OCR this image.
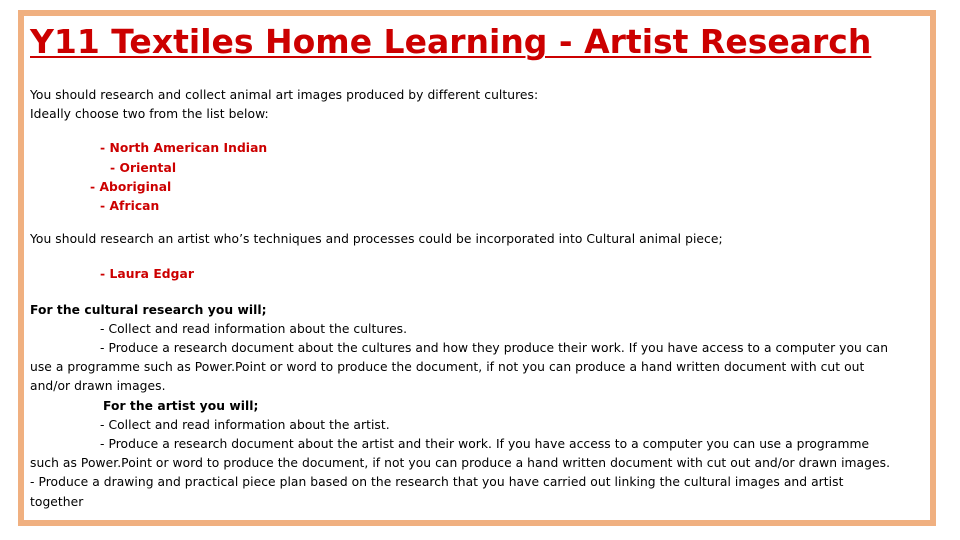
Y11 Textiles Home Learning - Artist Research

You should research and collect animal art images produced by different cultures:

Ideally choose two from the list below:

- North American Indian

- Oriental

- Aboriginal

- African

You should research an artist who’s techniques and processes could be incorporated into Cultural animal piece;

- Laura Edgar

For the cultural research you will;

- Collect and read information about the cultures.

- Produce a research document about the cultures and how they produce their work. If you have access to a computer you can

use a programme such as Power.Point or word to produce the document, if not you can produce a hand written document with cut out

and/or drawn images.

For the artist you will;

- Collect and read information about the artist.

- Produce a research document about the artist and their work. If you have access to a computer you can use a programme

such as Power.Point or word to produce the document, if not you can produce a hand written document with cut out and/or drawn images.

- Produce a drawing and practical piece plan based on the research that you have carried out linking the cultural images and artist

together
